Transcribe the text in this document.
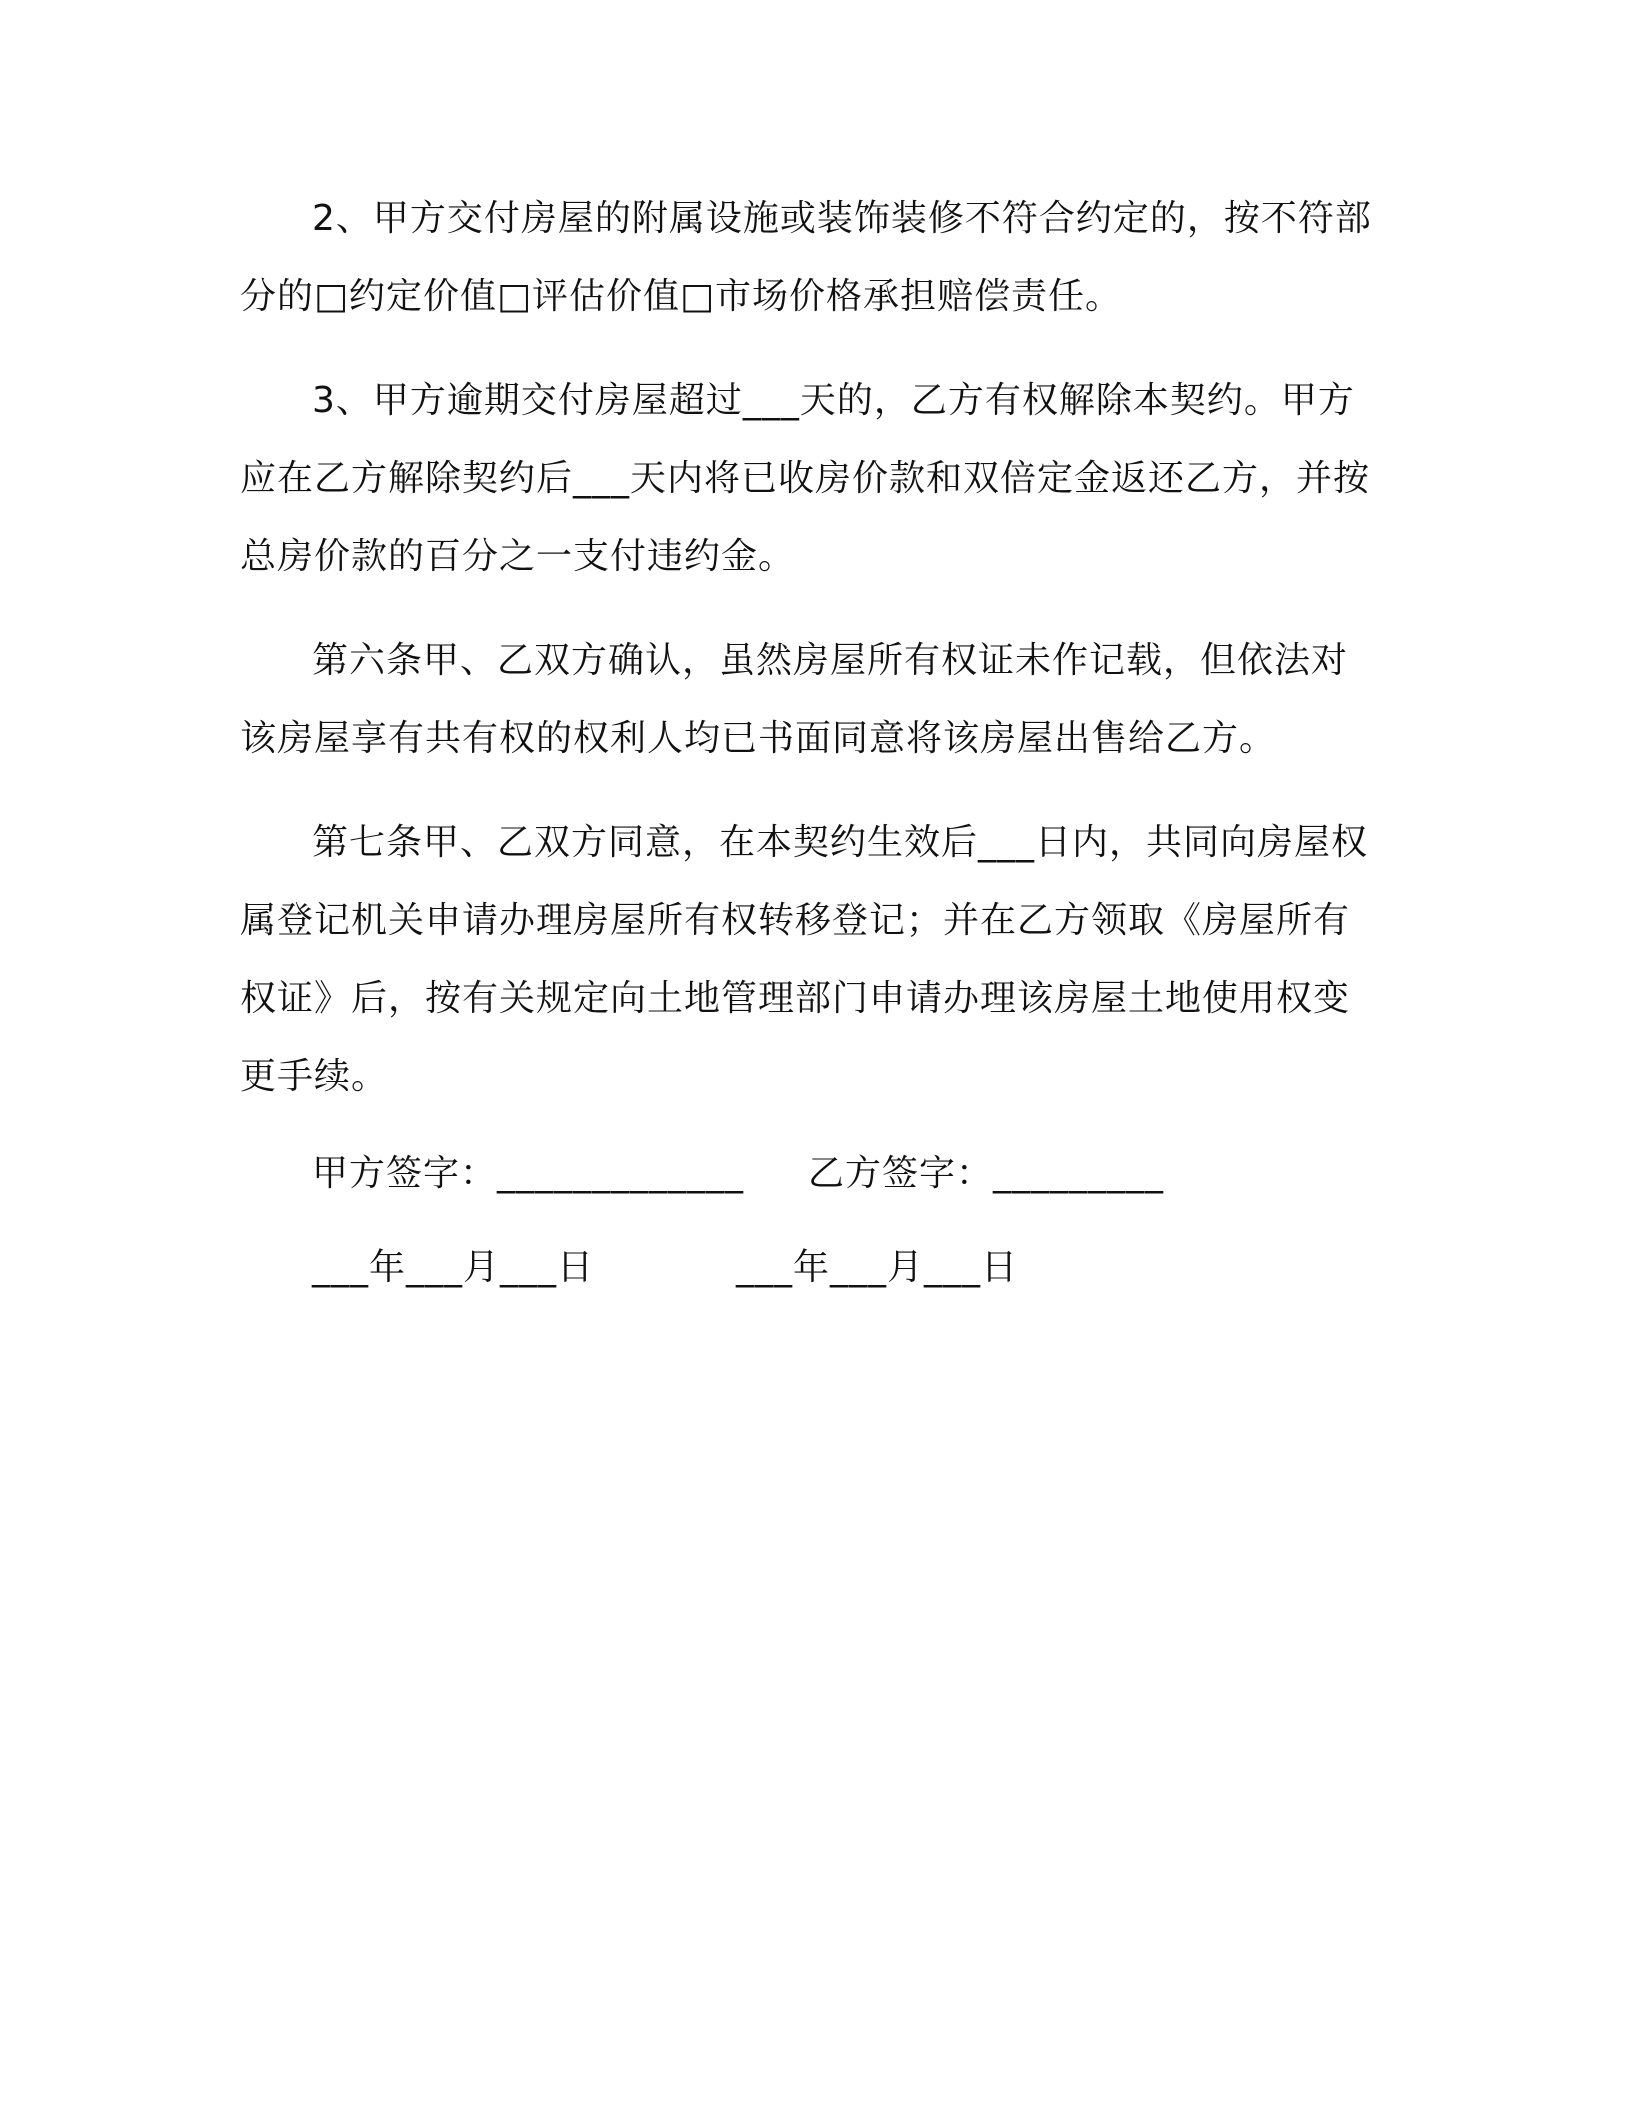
2、甲方交付房屋的附属设施或装饰装修不符合约定的，按不符部分的□约定价值□评估价值□市场价格承担赔偿责任。

3、甲方逾期交付房屋超过___天的，乙方有权解除本契约。甲方应在乙方解除契约后___天内将已收房价款和双倍定金返还乙方，并按总房价款的百分之一支付违约金。

第六条甲、乙双方确认，虽然房屋所有权证未作记载，但依法对该房屋享有共有权的权利人均已书面同意将该房屋出售给乙方。

第七条甲、乙双方同意，在本契约生效后___日内，共同向房屋权属登记机关申请办理房屋所有权转移登记；并在乙方领取《房屋所有权证》后，按有关规定向土地管理部门申请办理该房屋土地使用权变更手续。

甲方签字：_____________

乙方签字：_________

___年___月___日

	___年___月___日
